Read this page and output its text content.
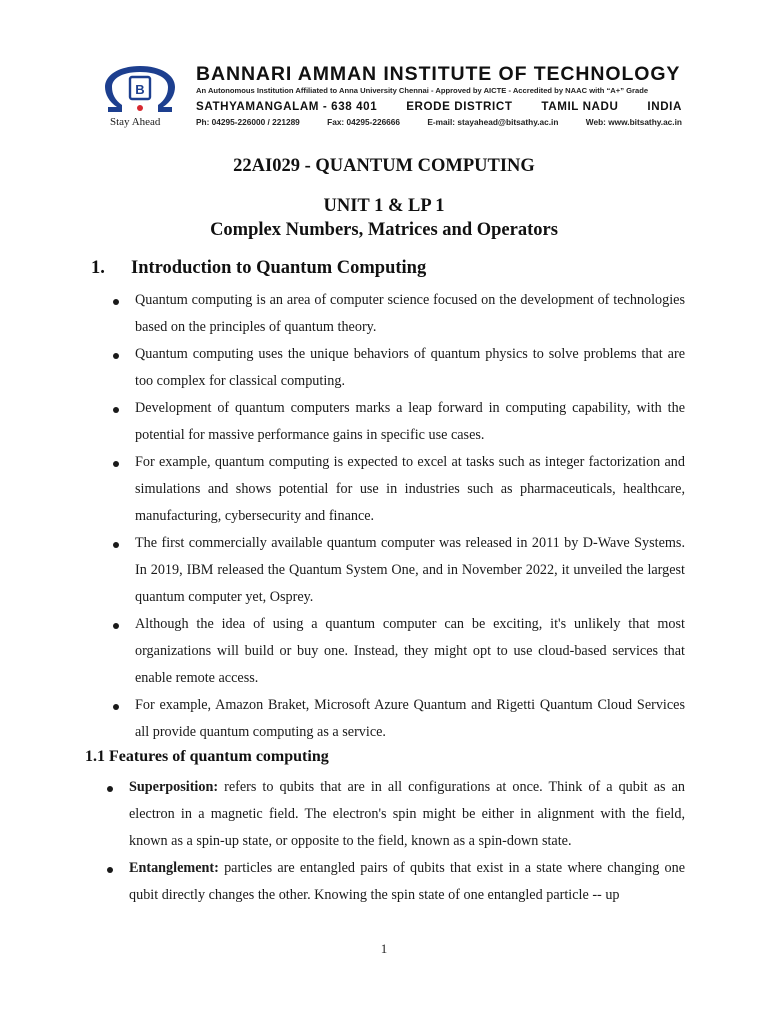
B
Stay Ahead
BANNARI AMMAN INSTITUTE OF TECHNOLOGY
An Autonomous Institution Affiliated to Anna University Chennai - Approved by AICTE - Accredited by NAAC with “A+” Grade
SATHYAMANGALAM - 638 401 ERODE DISTRICT TAMIL NADU INDIA
Ph: 04295-226000 / 221289	Fax: 04295-226666	E-mail: stayahead@bitsathy.ac.in	Web: www.bitsathy.ac.in
22AI029 - QUANTUM COMPUTING
UNIT 1 & LP 1
Complex Numbers, Matrices and Operators
1. Introduction to Quantum Computing
Quantum computing is an area of computer science focused on the development of technologies based on the principles of quantum theory.
Quantum computing uses the unique behaviors of quantum physics to solve problems that are too complex for classical computing.
Development of quantum computers marks a leap forward in computing capability, with the potential for massive performance gains in specific use cases.
For example, quantum computing is expected to excel at tasks such as integer factorization and simulations and shows potential for use in industries such as pharmaceuticals, healthcare, manufacturing, cybersecurity and finance.
The first commercially available quantum computer was released in 2011 by D-Wave Systems. In 2019, IBM released the Quantum System One, and in November 2022, it unveiled the largest quantum computer yet, Osprey.
Although the idea of using a quantum computer can be exciting, it's unlikely that most organizations will build or buy one. Instead, they might opt to use cloud-based services that enable remote access.
For example, Amazon Braket, Microsoft Azure Quantum and Rigetti Quantum Cloud Services all provide quantum computing as a service.
1.1 Features of quantum computing
Superposition: refers to qubits that are in all configurations at once. Think of a qubit as an electron in a magnetic field. The electron's spin might be either in alignment with the field, known as a spin-up state, or opposite to the field, known as a spin-down state.
Entanglement: particles are entangled pairs of qubits that exist in a state where changing one qubit directly changes the other. Knowing the spin state of one entangled particle -- up
1
